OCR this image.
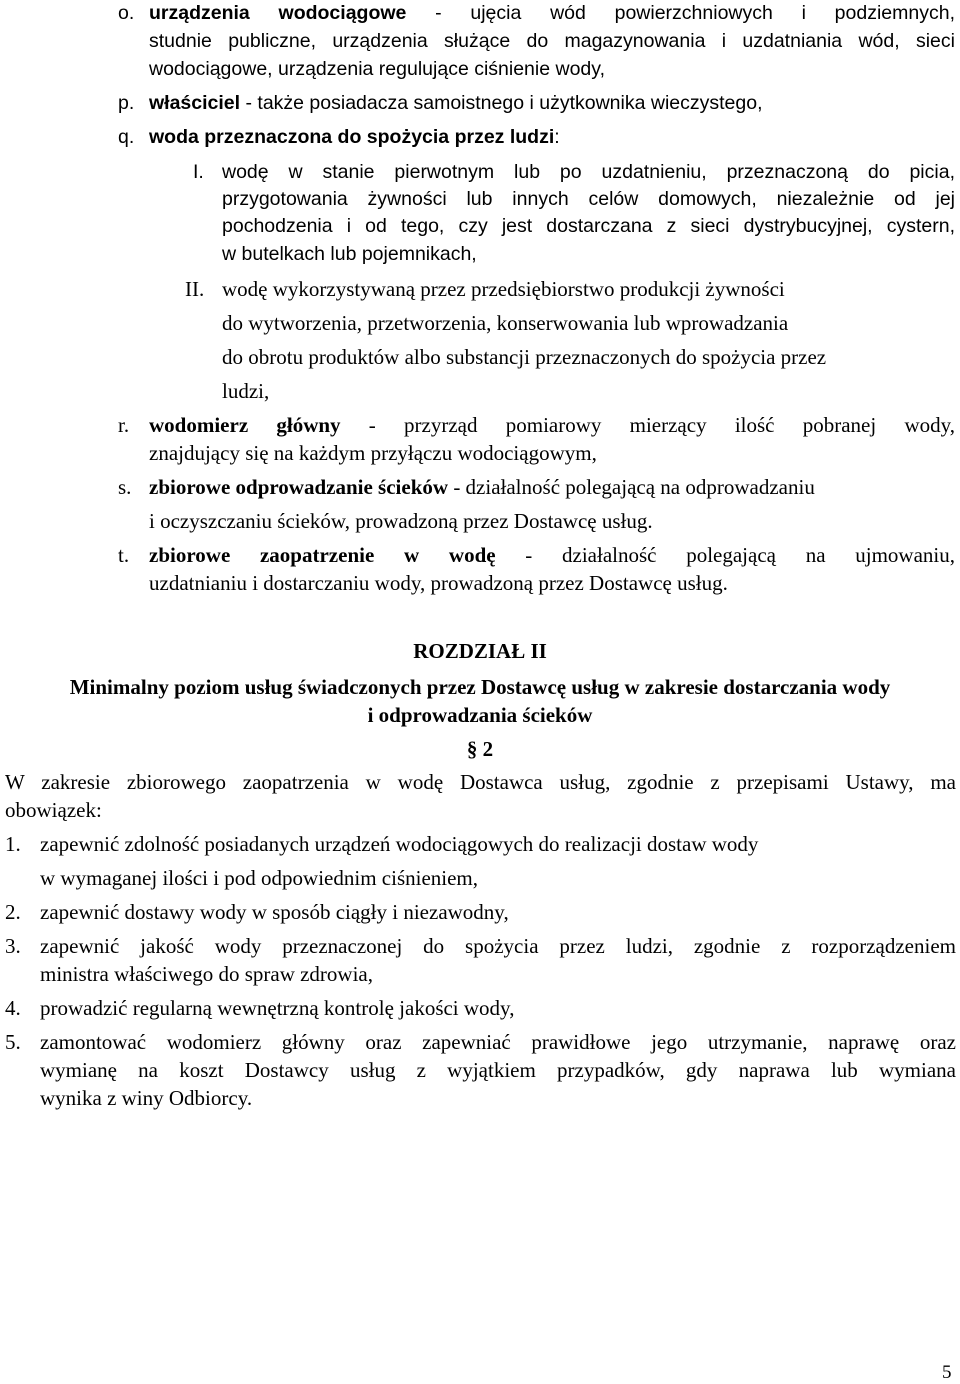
o. urządzenia wodociągowe - ujęcia wód powierzchniowych i podziemnych,
studnie publiczne, urządzenia służące do magazynowania i uzdatniania wód, sieci
wodociągowe, urządzenia regulujące ciśnienie wody,
p. właściciel - także posiadacza samoistnego i użytkownika wieczystego,
q. woda przeznaczona do spożycia przez ludzi:
I. wodę w stanie pierwotnym lub po uzdatnieniu, przeznaczoną do picia,
przygotowania żywności lub innych celów domowych, niezależnie od jej
pochodzenia i od tego, czy jest dostarczana z sieci dystrybucyjnej, cystern,
w butelkach lub pojemnikach,
II. wodę wykorzystywaną przez przedsiębiorstwo produkcji żywności
do wytworzenia, przetworzenia, konserwowania lub wprowadzania
do obrotu produktów albo substancji przeznaczonych do spożycia przez
ludzi,
r. wodomierz główny - przyrząd pomiarowy mierzący ilość pobranej wody,
znajdujący się na każdym przyłączu wodociągowym,
s. zbiorowe odprowadzanie ścieków - działalność polegającą na odprowadzaniu
i oczyszczaniu ścieków, prowadzoną przez Dostawcę usług.
t. zbiorowe zaopatrzenie w wodę - działalność polegającą na ujmowaniu,
uzdatnianiu i dostarczaniu wody, prowadzoną przez Dostawcę usług.
ROZDZIAŁ II
Minimalny poziom usług świadczonych przez Dostawcę usług w zakresie dostarczania wody
i odprowadzania ścieków
§ 2
W zakresie zbiorowego zaopatrzenia w wodę Dostawca usług, zgodnie z przepisami Ustawy, ma
obowiązek:
1. zapewnić zdolność posiadanych urządzeń wodociągowych do realizacji dostaw wody
w wymaganej ilości i pod odpowiednim ciśnieniem,
2. zapewnić dostawy wody w sposób ciągły i niezawodny,
3. zapewnić jakość wody przeznaczonej do spożycia przez ludzi, zgodnie z rozporządzeniem
ministra właściwego do spraw zdrowia,
4. prowadzić regularną wewnętrzną kontrolę jakości wody,
5. zamontować wodomierz główny oraz zapewniać prawidłowe jego utrzymanie, naprawę oraz
wymianę na koszt Dostawcy usług z wyjątkiem przypadków, gdy naprawa lub wymiana
wynika z winy Odbiorcy.
5
